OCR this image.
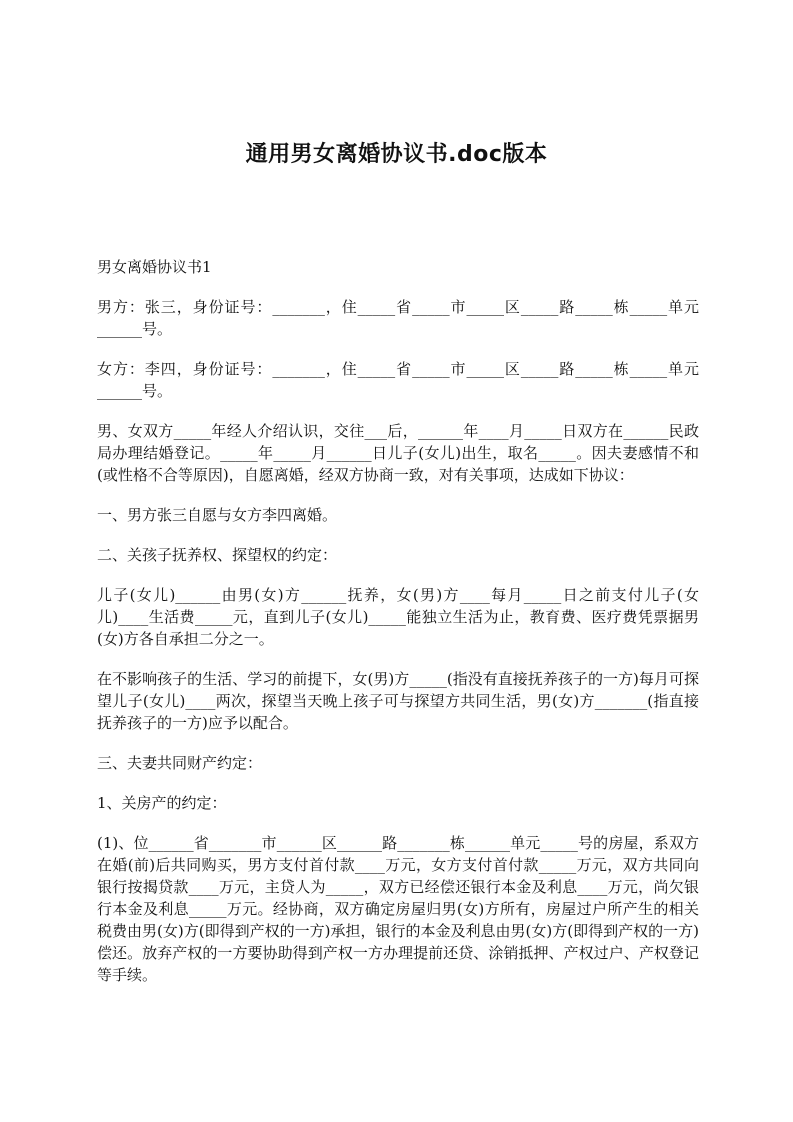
通用男女离婚协议书.doc版本

男女离婚协议书1

男方：张三，身份证号：_______，住_____省_____市_____区_____路_____栋_____单元______号。

女方：李四，身份证号：_______，住_____省_____市_____区_____路_____栋_____单元______号。

男、女双方_____年经人介绍认识，交往___后，______年____月_____日双方在______民政局办理结婚登记。_____年_____月______日儿子(女儿)出生，取名_____。因夫妻感情不和(或性格不合等原因)，自愿离婚，经双方协商一致，对有关事项，达成如下协议：

一、男方张三自愿与女方李四离婚。

二、关孩子抚养权、探望权的约定：

儿子(女儿)______由男(女)方______抚养，女(男)方____每月_____日之前支付儿子(女儿)____生活费_____元，直到儿子(女儿)_____能独立生活为止，教育费、医疗费凭票据男(女)方各自承担二分之一。

在不影响孩子的生活、学习的前提下，女(男)方_____(指没有直接抚养孩子的一方)每月可探望儿子(女儿)____两次，探望当天晚上孩子可与探望方共同生活，男(女)方_______(指直接抚养孩子的一方)应予以配合。

三、夫妻共同财产约定：

1、关房产的约定：

(1)、位______省_______市______区______路_______栋______单元_____号的房屋，系双方在婚(前)后共同购买，男方支付首付款____万元，女方支付首付款_____万元，双方共同向银行按揭贷款____万元，主贷人为_____，双方已经偿还银行本金及利息____万元，尚欠银行本金及利息_____万元。经协商，双方确定房屋归男(女)方所有，房屋过户所产生的相关税费由男(女)方(即得到产权的一方)承担，银行的本金及利息由男(女)方(即得到产权的一方)偿还。放弃产权的一方要协助得到产权一方办理提前还贷、涂销抵押、产权过户、产权登记等手续。
